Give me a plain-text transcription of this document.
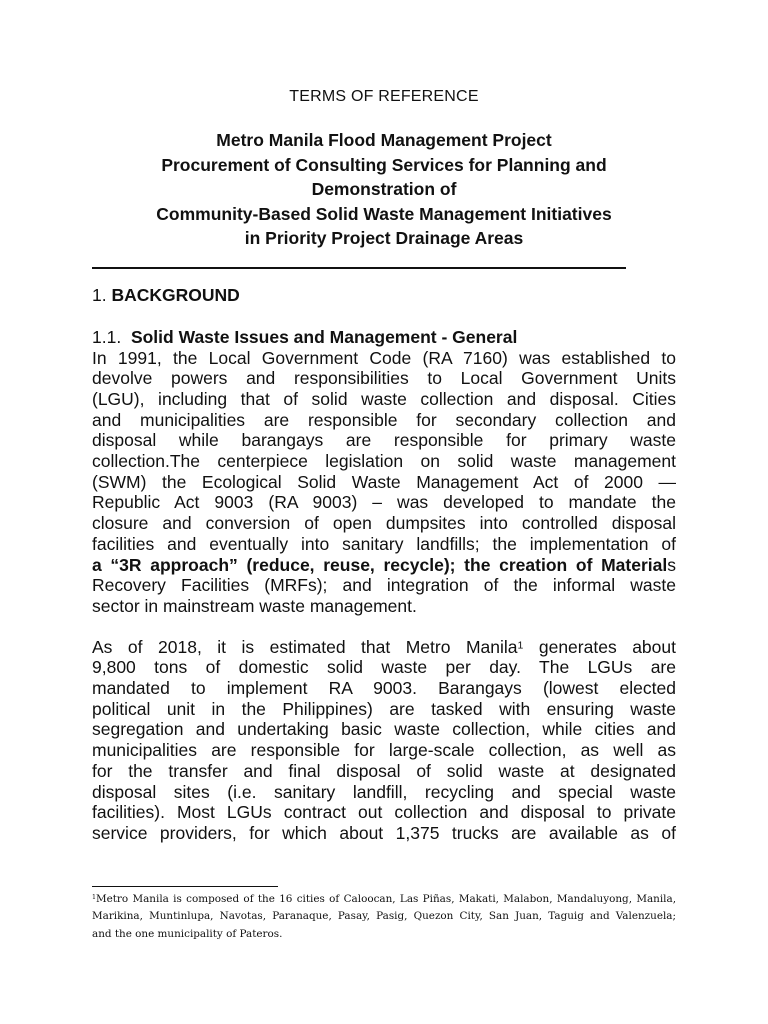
TERMS OF REFERENCE
Metro Manila Flood Management Project
Procurement of Consulting Services for Planning and
Demonstration of
Community-Based Solid Waste Management Initiatives
in Priority Project Drainage Areas
1. BACKGROUND
1.1. Solid Waste Issues and Management - General
In 1991, the Local Government Code (RA 7160) was established to
devolve powers and responsibilities to Local Government Units
(LGU), including that of solid waste collection and disposal. Cities
and municipalities are responsible for secondary collection and
disposal while barangays are responsible for primary waste
collection.The centerpiece legislation on solid waste management
(SWM) the Ecological Solid Waste Management Act of 2000 —
Republic Act 9003 (RA 9003) – was developed to mandate the
closure and conversion of open dumpsites into controlled disposal
facilities and eventually into sanitary landfills; the implementation of
a “3R approach” (reduce, reuse, recycle); the creation of Materials
Recovery Facilities (MRFs); and integration of the informal waste
sector in mainstream waste management.
As of 2018, it is estimated that Metro Manila$^1$ generates about
9,800 tons of domestic solid waste per day. The LGUs are
mandated to implement RA 9003. Barangays (lowest elected
political unit in the Philippines) are tasked with ensuring waste
segregation and undertaking basic waste collection, while cities and
municipalities are responsible for large-scale collection, as well as
for the transfer and final disposal of solid waste at designated
disposal sites (i.e. sanitary landfill, recycling and special waste
facilities). Most LGUs contract out collection and disposal to private
service providers, for which about 1,375 trucks are available as of
$^1$Metro Manila is composed of the 16 cities of Caloocan, Las Piñas, Makati, Malabon, Mandaluyong, Manila,
Marikina, Muntinlupa, Navotas, Paranaque, Pasay, Pasig, Quezon City, San Juan, Taguig and Valenzuela;
and the one municipality of Pateros.
